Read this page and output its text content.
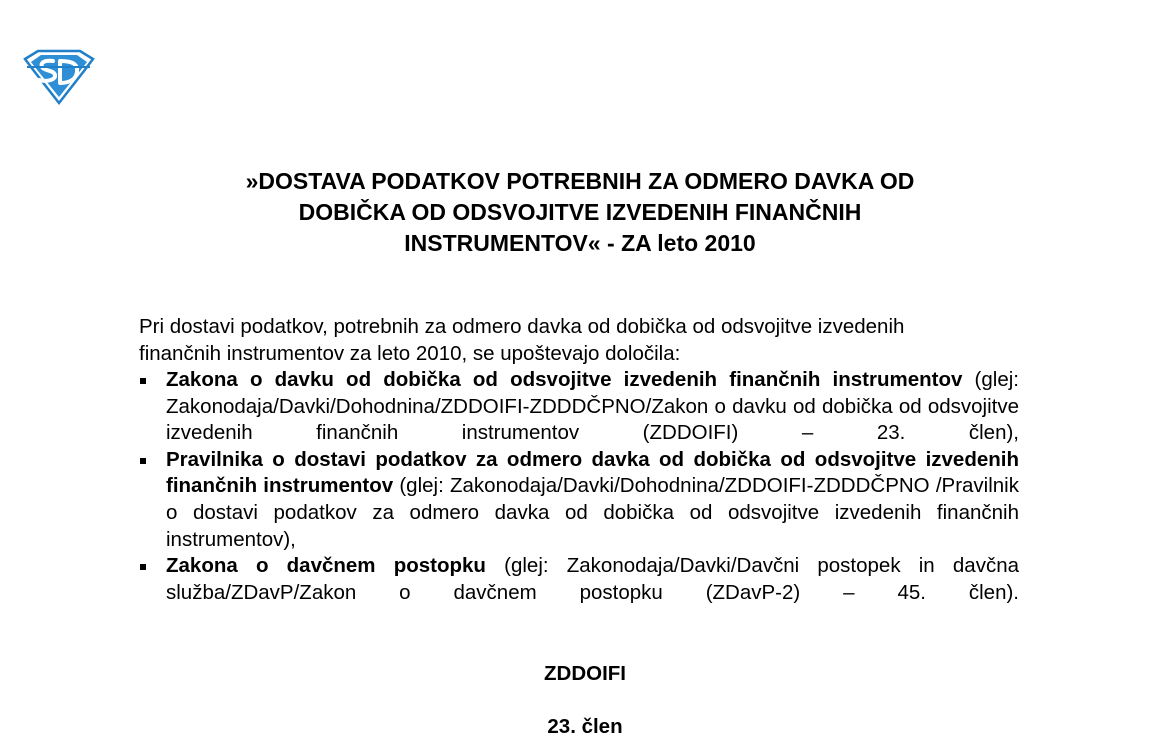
»DOSTAVA PODATKOV POTREBNIH ZA ODMERO DAVKA OD
DOBIČKA OD ODSVOJITVE IZVEDENIH FINANČNIH
INSTRUMENTOV« - ZA leto 2010
Pri dostavi podatkov, potrebnih za odmero davka od dobička od odsvojitve izvedenih
finančnih instrumentov za leto 2010, se upoštevajo določila:
Zakona o davku od dobička od odsvojitve izvedenih finančnih instrumentov (glej: Zakonodaja/Davki/Dohodnina/ZDDOIFI-ZDDDČPNO/Zakon o davku od dobička od odsvojitve izvedenih finančnih instrumentov (ZDDOIFI) – 23. člen),
Pravilnika o dostavi podatkov za odmero davka od dobička od odsvojitve izvedenih finančnih instrumentov (glej: Zakonodaja/Davki/Dohodnina/ZDDOIFI-ZDDDČPNO /Pravilnik o dostavi podatkov za odmero davka od dobička od odsvojitve izvedenih finančnih instrumentov),
Zakona o davčnem postopku (glej: Zakonodaja/Davki/Davčni postopek in davčna služba/ZDavP/Zakon o davčnem postopku (ZDavP-2) – 45. člen).
ZDDOIFI
23. člen
